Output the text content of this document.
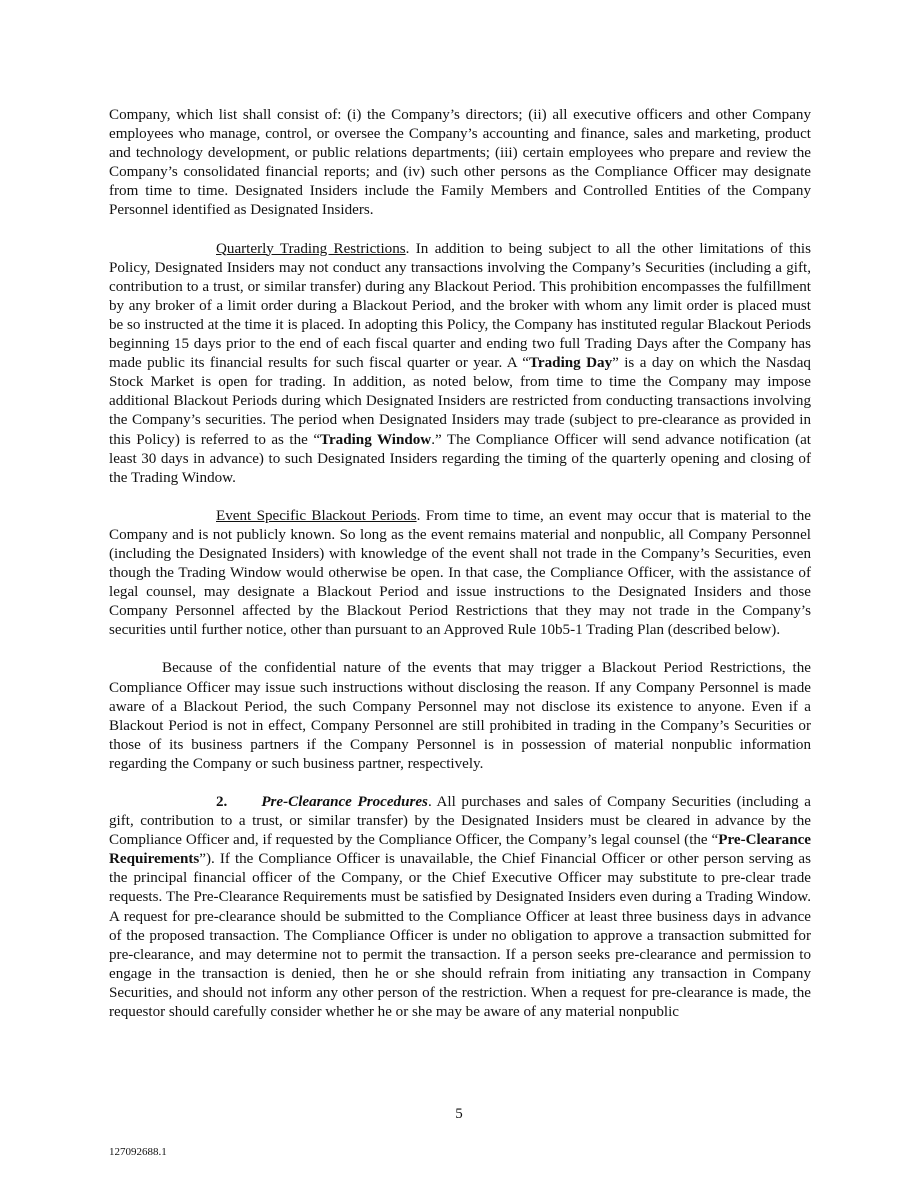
Company, which list shall consist of: (i) the Company’s directors; (ii) all executive officers and other Company employees who manage, control, or oversee the Company’s accounting and finance, sales and marketing, product and technology development, or public relations departments; (iii) certain employees who prepare and review the Company’s consolidated financial reports; and (iv) such other persons as the Compliance Officer may designate from time to time. Designated Insiders include the Family Members and Controlled Entities of the Company Personnel identified as Designated Insiders.

Quarterly Trading Restrictions. In addition to being subject to all the other limitations of this Policy, Designated Insiders may not conduct any transactions involving the Company’s Securities (including a gift, contribution to a trust, or similar transfer) during any Blackout Period. This prohibition encompasses the fulfillment by any broker of a limit order during a Blackout Period, and the broker with whom any limit order is placed must be so instructed at the time it is placed. In adopting this Policy, the Company has instituted regular Blackout Periods beginning 15 days prior to the end of each fiscal quarter and ending two full Trading Days after the Company has made public its financial results for such fiscal quarter or year. A “Trading Day” is a day on which the Nasdaq Stock Market is open for trading. In addition, as noted below, from time to time the Company may impose additional Blackout Periods during which Designated Insiders are restricted from conducting transactions involving the Company’s securities. The period when Designated Insiders may trade (subject to pre-clearance as provided in this Policy) is referred to as the “Trading Window.” The Compliance Officer will send advance notification (at least 30 days in advance) to such Designated Insiders regarding the timing of the quarterly opening and closing of the Trading Window.

Event Specific Blackout Periods. From time to time, an event may occur that is material to the Company and is not publicly known. So long as the event remains material and nonpublic, all Company Personnel (including the Designated Insiders) with knowledge of the event shall not trade in the Company’s Securities, even though the Trading Window would otherwise be open. In that case, the Compliance Officer, with the assistance of legal counsel, may designate a Blackout Period and issue instructions to the Designated Insiders and those Company Personnel affected by the Blackout Period Restrictions that they may not trade in the Company’s securities until further notice, other than pursuant to an Approved Rule 10b5-1 Trading Plan (described below).

Because of the confidential nature of the events that may trigger a Blackout Period Restrictions, the Compliance Officer may issue such instructions without disclosing the reason. If any Company Personnel is made aware of a Blackout Period, the such Company Personnel may not disclose its existence to anyone. Even if a Blackout Period is not in effect, Company Personnel are still prohibited in trading in the Company’s Securities or those of its business partners if the Company Personnel is in possession of material nonpublic information regarding the Company or such business partner, respectively.

2. Pre-Clearance Procedures. All purchases and sales of Company Securities (including a gift, contribution to a trust, or similar transfer) by the Designated Insiders must be cleared in advance by the Compliance Officer and, if requested by the Compliance Officer, the Company’s legal counsel (the “Pre-Clearance Requirements”). If the Compliance Officer is unavailable, the Chief Financial Officer or other person serving as the principal financial officer of the Company, or the Chief Executive Officer may substitute to pre-clear trade requests. The Pre-Clearance Requirements must be satisfied by Designated Insiders even during a Trading Window. A request for pre-clearance should be submitted to the Compliance Officer at least three business days in advance of the proposed transaction. The Compliance Officer is under no obligation to approve a transaction submitted for pre-clearance, and may determine not to permit the transaction. If a person seeks pre-clearance and permission to engage in the transaction is denied, then he or she should refrain from initiating any transaction in Company Securities, and should not inform any other person of the restriction. When a request for pre-clearance is made, the requestor should carefully consider whether he or she may be aware of any material nonpublic

5
127092688.1
